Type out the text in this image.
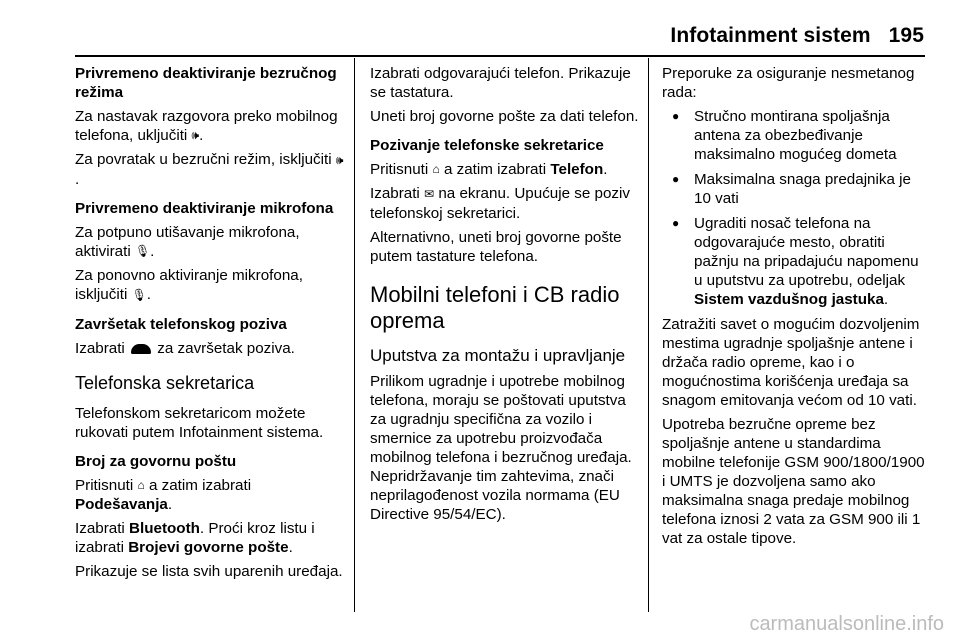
Infotainment sistem 195

Privremeno deaktiviranje bezručnog režima

Za nastavak razgovora preko mobilnog telefona, uključiti 🕪.

Za povratak u bezručni režim, isključiti 🕪.

Privremeno deaktiviranje mikrofona

Za potpuno utišavanje mikrofona, aktivirati 🎙.

Za ponovno aktiviranje mikrofona, isključiti 🎙.

Završetak telefonskog poziva

Izabrati za završetak poziva.

Telefonska sekretarica

Telefonskom sekretaricom možete rukovati putem Infotainment sistema.

Broj za govornu poštu

Pritisnuti ⌂ a zatim izabrati Podešavanja.

Izabrati Bluetooth. Proći kroz listu i izabrati Brojevi govorne pošte.

Prikazuje se lista svih uparenih uređaja.

Izabrati odgovarajući telefon. Prikazuje se tastatura.

Uneti broj govorne pošte za dati telefon.

Pozivanje telefonske sekretarice

Pritisnuti ⌂ a zatim izabrati Telefon.

Izabrati ✉ na ekranu. Upućuje se poziv telefonskoj sekretarici.

Alternativno, uneti broj govorne pošte putem tastature telefona.

Mobilni telefoni i CB radio oprema
Uputstva za montažu i upravljanje

Prilikom ugradnje i upotrebe mobilnog telefona, moraju se poštovati uputstva za ugradnju specifična za vozilo i smernice za upotrebu proizvođača mobilnog telefona i bezručnog uređaja. Nepridržavanje tim zahtevima, znači neprilagođenost vozila normama (EU Directive 95/54/EC).

Preporuke za osiguranje nesmetanog rada:

● Stručno montirana spoljašnja antena za obezbeđivanje maksimalno mogućeg dometa
● Maksimalna snaga predajnika je 10 vati
● Ugraditi nosač telefona na odgovarajuće mesto, obratiti pažnju na pripadajuću napomenu u uputstvu za upotrebu, odeljak Sistem vazdušnog jastuka.

Zatražiti savet o mogućim dozvoljenim mestima ugradnje spoljašnje antene i držača radio opreme, kao i o mogućnostima korišćenja uređaja sa snagom emitovanja većom od 10 vati.

Upotreba bezručne opreme bez spoljašnje antene u standardima mobilne telefonije GSM 900/1800/1900 i UMTS je dozvoljena samo ako maksimalna snaga predaje mobilnog telefona iznosi 2 vata za GSM 900 ili 1 vat za ostale tipove.

carmanualsonline.info
